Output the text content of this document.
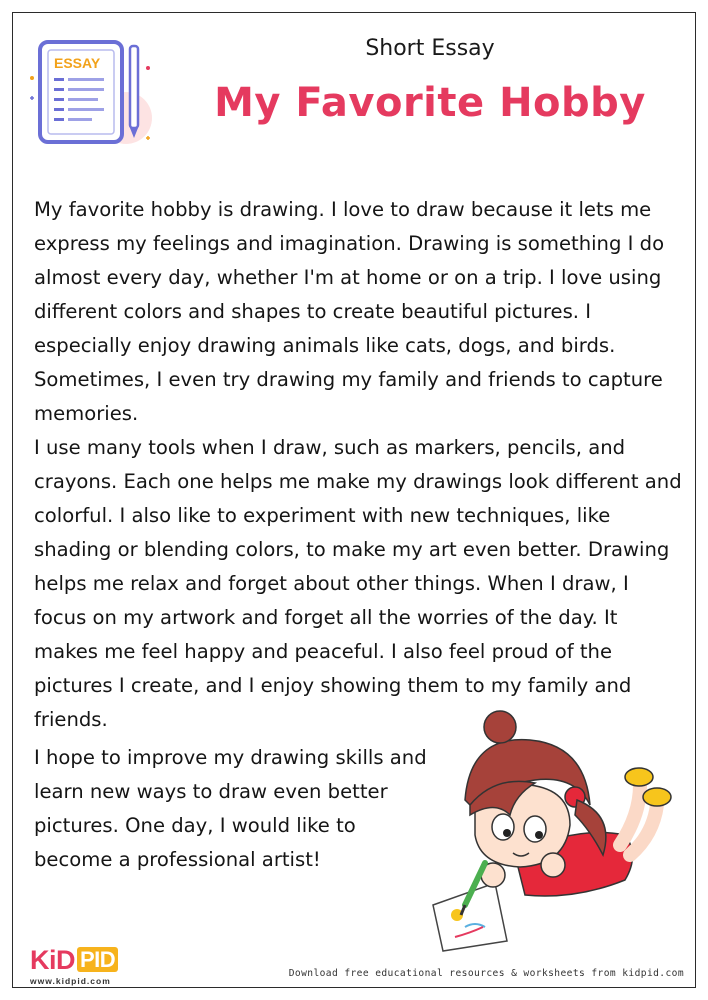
ESSAY
Short Essay
My Favorite Hobby

My favorite hobby is drawing. I love to draw because it lets me express my feelings and imagination. Drawing is something I do almost every day, whether I'm at home or on a trip. I love using different colors and shapes to create beautiful pictures. I especially enjoy drawing animals like cats, dogs, and birds. Sometimes, I even try drawing my family and friends to capture memories.

I use many tools when I draw, such as markers, pencils, and crayons. Each one helps me make my drawings look different and colorful. I also like to experiment with new techniques, like shading or blending colors, to make my art even better. Drawing helps me relax and forget about other things. When I draw, I focus on my artwork and forget all the worries of the day. It makes me feel happy and peaceful. I also feel proud of the pictures I create, and I enjoy showing them to my family and friends.

I hope to improve my drawing skills and learn new ways to draw even better pictures. One day, I would like to become a professional artist!

KiD PID
www.kidpid.com
Download free educational resources & worksheets from kidpid.com
